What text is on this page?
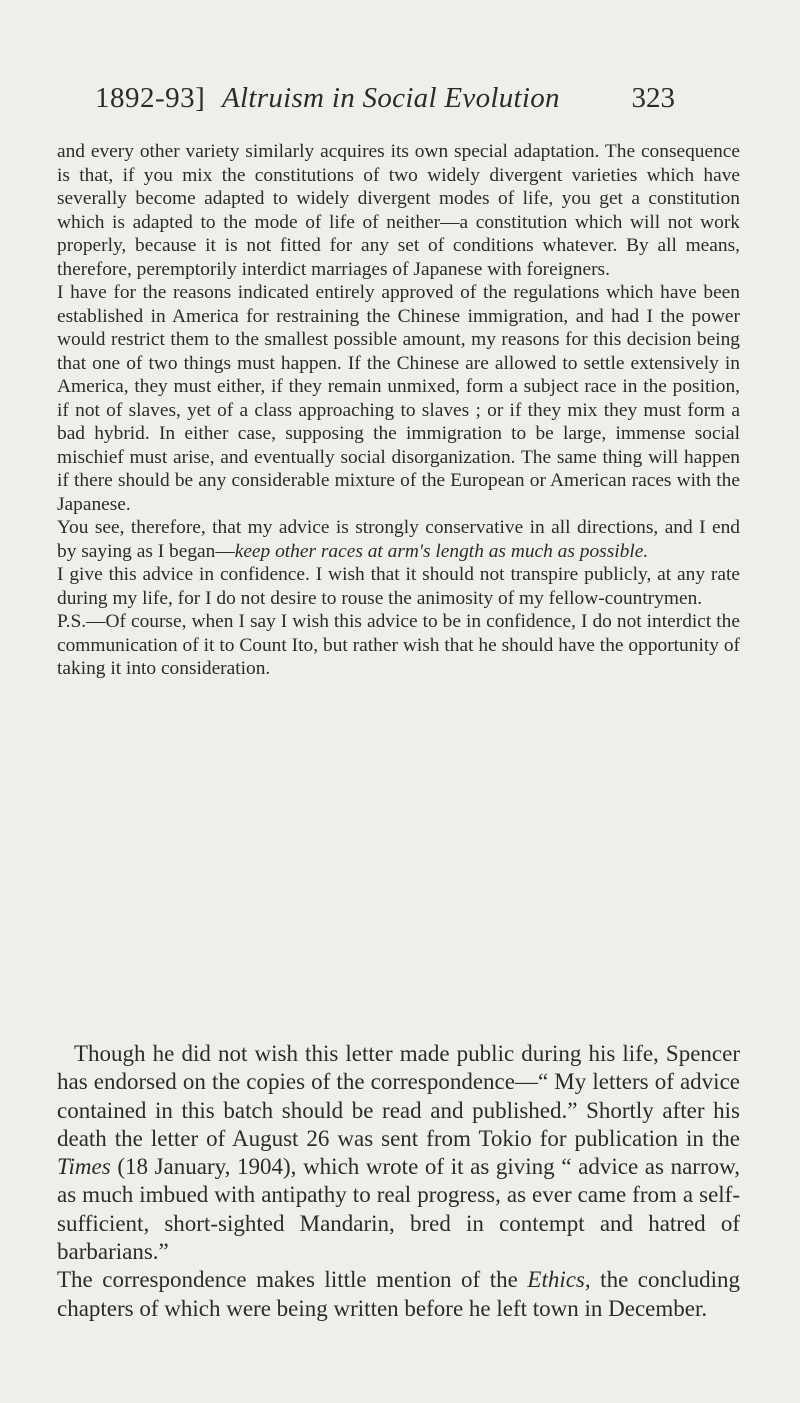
1892-93] Altruism in Social Evolution 323

and every other variety similarly acquires its own special adaptation. The consequence is that, if you mix the constitutions of two widely divergent varieties which have severally become adapted to widely divergent modes of life, you get a constitution which is adapted to the mode of life of neither—a constitution which will not work properly, because it is not fitted for any set of conditions whatever. By all means, therefore, peremptorily interdict marriages of Japanese with foreigners.

I have for the reasons indicated entirely approved of the regulations which have been established in America for restraining the Chinese immigration, and had I the power would restrict them to the smallest possible amount, my reasons for this decision being that one of two things must happen. If the Chinese are allowed to settle extensively in America, they must either, if they remain unmixed, form a subject race in the position, if not of slaves, yet of a class approaching to slaves ; or if they mix they must form a bad hybrid. In either case, supposing the immigration to be large, immense social mischief must arise, and eventually social disorganization. The same thing will happen if there should be any considerable mixture of the European or American races with the Japanese.

You see, therefore, that my advice is strongly conservative in all directions, and I end by saying as I began—keep other races at arm's length as much as possible.

I give this advice in confidence. I wish that it should not transpire publicly, at any rate during my life, for I do not desire to rouse the animosity of my fellow-countrymen.

P.S.—Of course, when I say I wish this advice to be in confidence, I do not interdict the communication of it to Count Ito, but rather wish that he should have the opportunity of taking it into consideration.

Though he did not wish this letter made public during his life, Spencer has endorsed on the copies of the correspondence—“ My letters of advice contained in this batch should be read and published.” Shortly after his death the letter of August 26 was sent from Tokio for publication in the Times (18 January, 1904), which wrote of it as giving “ advice as narrow, as much imbued with antipathy to real progress, as ever came from a self-sufficient, short-sighted Mandarin, bred in contempt and hatred of barbarians.”

The correspondence makes little mention of the Ethics, the concluding chapters of which were being written before he left town in December.
